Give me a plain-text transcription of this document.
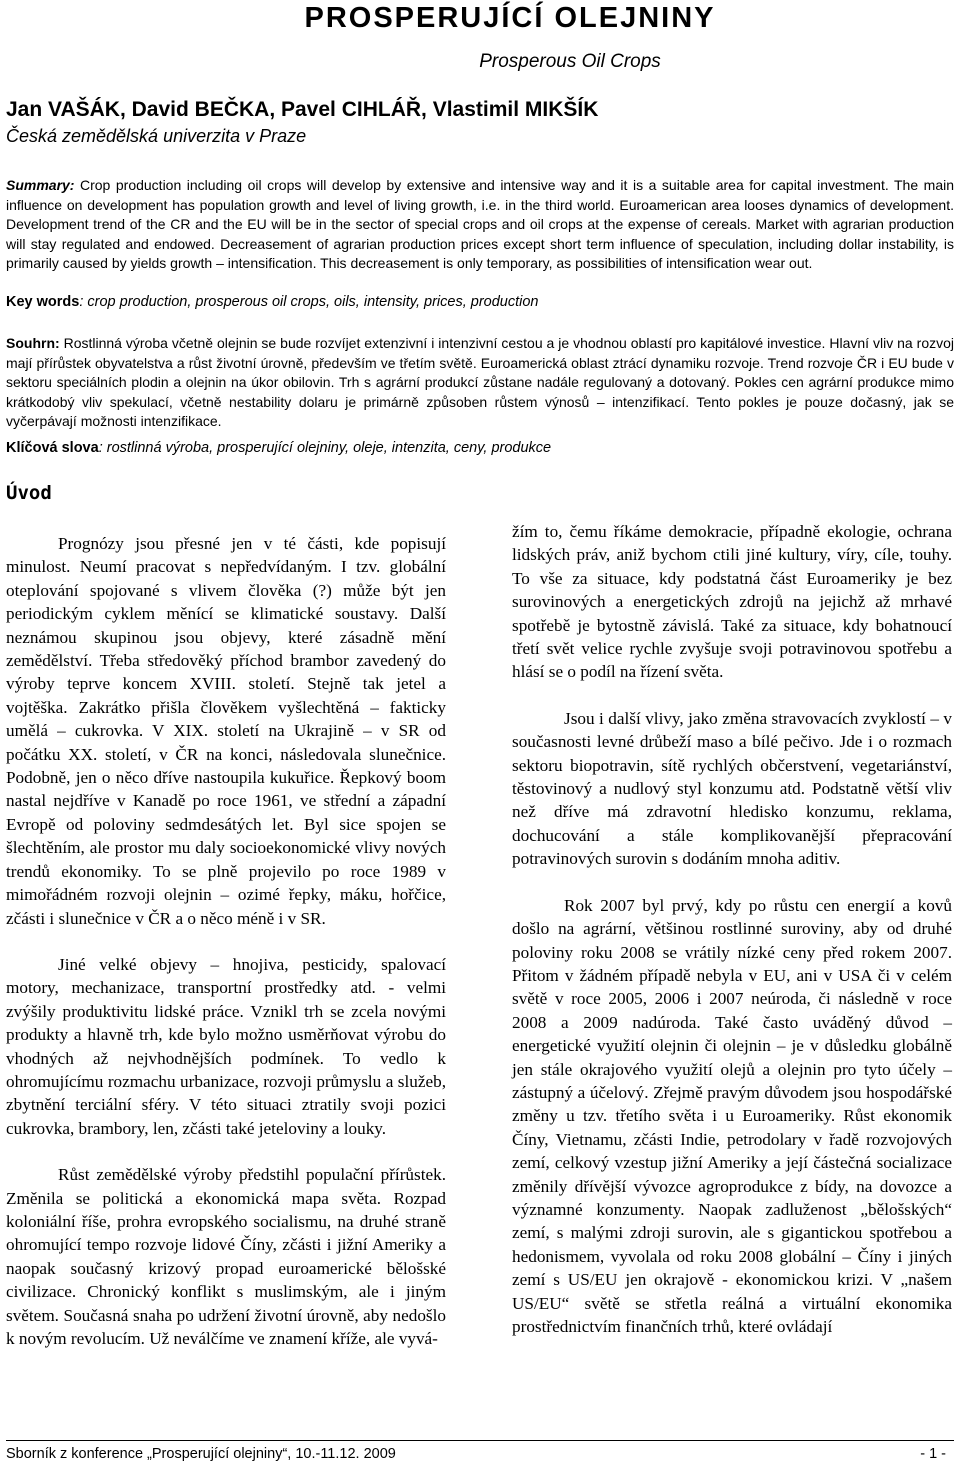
PROSPERUJÍCÍ OLEJNINY
Prosperous Oil Crops
Jan VAŠÁK, David BEČKA, Pavel CIHLÁŘ, Vlastimil MIKŠÍK
Česká zemědělská univerzita v Praze

Summary: Crop production including oil crops will develop by extensive and intensive way and it is a suitable area for capital investment. The main influence on development has population growth and level of living growth, i.e. in the third world. Euroamerican area looses dynamics of development. Development trend of the CR and the EU will be in the sector of special crops and oil crops at the expense of cereals. Market with agrarian production will stay regulated and endowed. Decreasement of agrarian production prices except short term influence of speculation, including dollar instability, is primarily caused by yields growth – intensification. This decreasement is only temporary, as possibilities of intensification wear out.

Key words: crop production, prosperous oil crops, oils, intensity, prices, production

Souhrn: Rostlinná výroba včetně olejnin se bude rozvíjet extenzivní i intenzivní cestou a je vhodnou oblastí pro kapitálové investice. Hlavní vliv na rozvoj mají přírůstek obyvatelstva a růst životní úrovně, především ve třetím světě. Euroamerická oblast ztrácí dynamiku rozvoje. Trend rozvoje ČR i EU bude v sektoru speciálních plodin a olejnin na úkor obilovin. Trh s agrární produkcí zůstane nadále regulovaný a dotovaný. Pokles cen agrární produkce mimo krátkodobý vliv spekulací, včetně nestability dolaru je primárně způsoben růstem výnosů – intenzifikací. Tento pokles je pouze dočasný, jak se vyčerpávají možnosti intenzifikace.

Klíčová slova: rostlinná výroba, prosperující olejniny, oleje, intenzita, ceny, produkce

Úvod

Prognózy jsou přesné jen v té části, kde popisují minulost. Neumí pracovat s nepředvídaným. I tzv. globální oteplování spojované s vlivem člověka (?) může být jen periodickým cyklem měnící se klimatické soustavy. Další neznámou skupinou jsou objevy, které zásadně mění zemědělství. Třeba středověký příchod brambor zavedený do výroby teprve koncem XVIII. století. Stejně tak jetel a vojtěška. Zakrátko přišla člověkem vyšlechtěná – fakticky umělá – cukrovka. V XIX. století na Ukrajině – v SR od počátku XX. století, v ČR na konci, následovala slunečnice. Podobně, jen o něco dříve nastoupila kukuřice. Řepkový boom nastal nejdříve v Kanadě po roce 1961, ve střední a západní Evropě od poloviny sedmdesátých let. Byl sice spojen se šlechtěním, ale prostor mu daly socioekonomické vlivy nových trendů ekonomiky. To se plně projevilo po roce 1989 v mimořádném rozvoji olejnin – ozimé řepky, máku, hořčice, zčásti i slunečnice v ČR a o něco méně i v SR.

Jiné velké objevy – hnojiva, pesticidy, spalovací motory, mechanizace, transportní prostředky atd. - velmi zvýšily produktivitu lidské práce. Vznikl trh se zcela novými produkty a hlavně trh, kde bylo možno usměrňovat výrobu do vhodných až nejvhodnějších podmínek. To vedlo k ohromujícímu rozmachu urbanizace, rozvoji průmyslu a služeb, zbytnění terciální sféry. V této situaci ztratily svoji pozici cukrovka, brambory, len, zčásti také jeteloviny a louky.

Růst zemědělské výroby předstihl populační přírůstek. Změnila se politická a ekonomická mapa světa. Rozpad koloniální říše, prohra evropského socialismu, na druhé straně ohromující tempo rozvoje lidové Číny, zčásti i jižní Ameriky a naopak současný krizový propad euroamerické bělošské civilizace. Chronický konflikt s muslimským, ale i jiným světem. Současná snaha po udržení životní úrovně, aby nedošlo k novým revolucím. Už neválčíme ve znamení kříže, ale vyvá-

žím to, čemu říkáme demokracie, případně ekologie, ochrana lidských práv, aniž bychom ctili jiné kultury, víry, cíle, touhy. To vše za situace, kdy podstatná část Euroameriky je bez surovinových a energetických zdrojů na jejichž až mrhavé spotřebě je bytostně závislá. Také za situace, kdy bohatnoucí třetí svět velice rychle zvyšuje svoji potravinovou spotřebu a hlásí se o podíl na řízení světa.

Jsou i další vlivy, jako změna stravovacích zvyklostí – v současnosti levné drůbeží maso a bílé pečivo. Jde i o rozmach sektoru biopotravin, sítě rychlých občerstvení, vegetariánství, těstovinový a nudlový styl konzumu atd. Podstatně větší vliv než dříve má zdravotní hledisko konzumu, reklama, dochucování a stále komplikovanější přepracování potravinových surovin s dodáním mnoha aditiv.

Rok 2007 byl prvý, kdy po růstu cen energií a kovů došlo na agrární, většinou rostlinné suroviny, aby od druhé poloviny roku 2008 se vrátily nízké ceny před rokem 2007. Přitom v žádném případě nebyla v EU, ani v USA či v celém světě v roce 2005, 2006 i 2007 neúroda, či následně v roce 2008 a 2009 nadúroda. Také často uváděný důvod – energetické využití olejnin či olejnin – je v důsledku globálně jen stále okrajového využití olejů a olejnin pro tyto účely – zástupný a účelový. Zřejmě pravým důvodem jsou hospodářské změny u tzv. třetího světa i u Euroameriky. Růst ekonomik Číny, Vietnamu, zčásti Indie, petrodolary v řadě rozvojových zemí, celkový vzestup jižní Ameriky a její částečná socializace změnily dřívější vývozce agroprodukce z bídy, na dovozce a významné konzumenty. Naopak zadluženost „bělošských“ zemí, s malými zdroji surovin, ale s gigantickou spotřebou a hedonismem, vyvolala od roku 2008 globální – Číny i jiných zemí s US/EU jen okrajově - ekonomickou krizi. V „našem US/EU“ světě se střetla reálná a virtuální ekonomika prostřednictvím finančních trhů, které ovládají

Sborník z konference „Prosperující olejniny“, 10.-11.12. 2009	- 1 -
